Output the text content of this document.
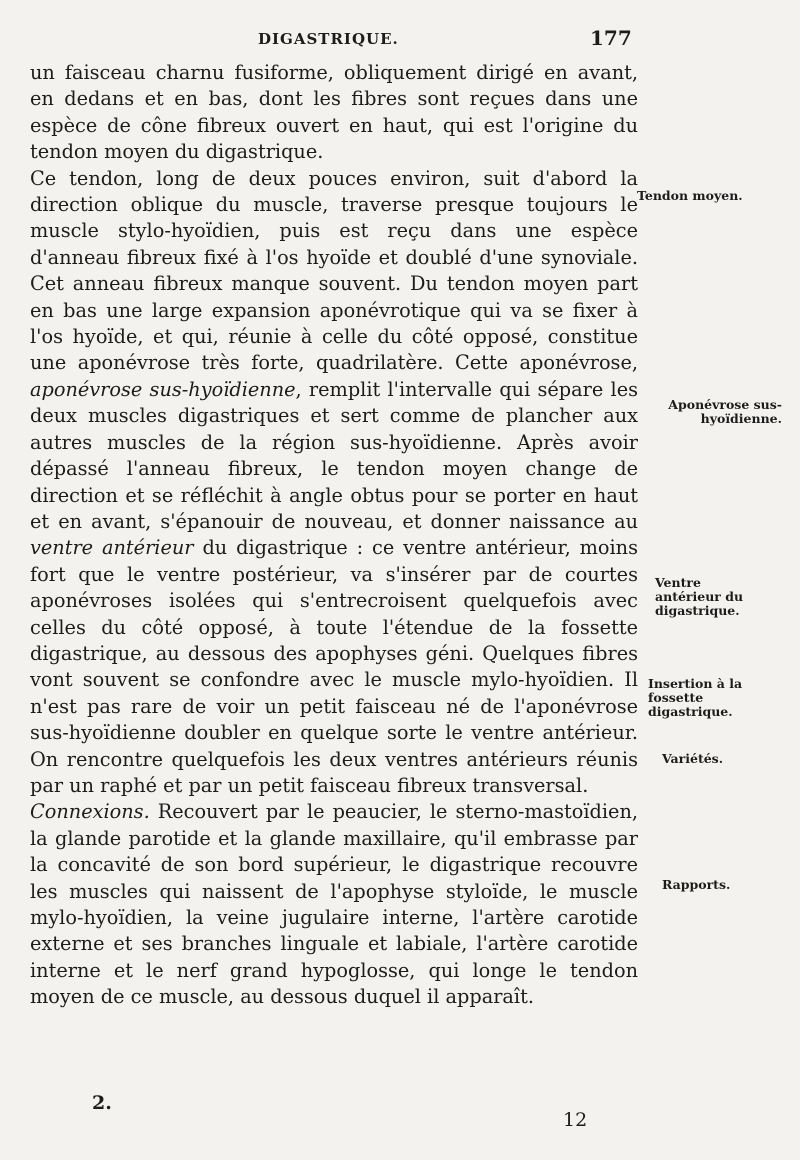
DIGASTRIQUE.	177

un faisceau charnu fusiforme, obliquement dirigé en avant, en dedans et en bas, dont les fibres sont reçues dans une espèce de cône fibreux ouvert en haut, qui est l'origine du tendon moyen du digastrique.

Ce tendon, long de deux pouces environ, suit d'abord la direction oblique du muscle, traverse presque toujours le muscle stylo-hyoïdien, puis est reçu dans une espèce d'anneau fibreux fixé à l'os hyoïde et doublé d'une synoviale. Cet anneau fibreux manque souvent. Du tendon moyen part en bas une large expansion aponévrotique qui va se fixer à l'os hyoïde, et qui, réunie à celle du côté opposé, constitue une aponévrose très forte, quadrilatère. Cette aponévrose, aponévrose sus-hyoïdienne, remplit l'intervalle qui sépare les deux muscles digastriques et sert comme de plancher aux autres muscles de la région sus-hyoïdienne. Après avoir dépassé l'anneau fibreux, le tendon moyen change de direction et se réfléchit à angle obtus pour se porter en haut et en avant, s'épanouir de nouveau, et donner naissance au ventre antérieur du digastrique : ce ventre antérieur, moins fort que le ventre postérieur, va s'insérer par de courtes aponévroses isolées qui s'entrecroisent quelquefois avec celles du côté opposé, à toute l'étendue de la fossette digastrique, au dessous des apophyses géni. Quelques fibres vont souvent se confondre avec le muscle mylo-hyoïdien. Il n'est pas rare de voir un petit faisceau né de l'aponévrose sus-hyoïdienne doubler en quelque sorte le ventre antérieur. On rencontre quelquefois les deux ventres antérieurs réunis par un raphé et par un petit faisceau fibreux transversal.

Connexions. Recouvert par le peaucier, le sterno-mastoïdien, la glande parotide et la glande maxillaire, qu'il embrasse par la concavité de son bord supérieur, le digastrique recouvre les muscles qui naissent de l'apophyse styloïde, le muscle mylo-hyoïdien, la veine jugulaire interne, l'artère carotide externe et ses branches linguale et labiale, l'artère carotide interne et le nerf grand hypoglosse, qui longe le tendon moyen de ce muscle, au dessous duquel il apparaît.

Tendon moyen.
Aponévrose sus-hyoïdienne.
Ventre antérieur du digastrique.
Insertion à la fossette digastrique.
Variétés.
Rapports.
2.
12
